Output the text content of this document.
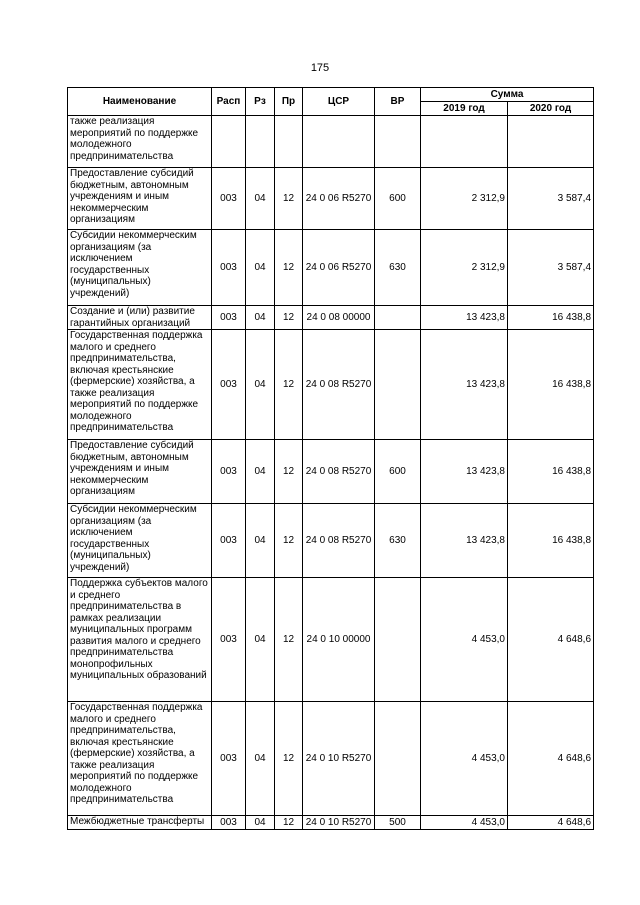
175
Наименование	Расп	Рз	Пр	ЦСР	ВР	Сумма	
						2019 год	2020 год
также реализация мероприятий по поддержке молодежного предпринимательства							
Предоставление субсидий бюджетным, автономным учреждениям и иным некоммерческим организациям	003	04	12	24 0 06 R5270	600	2 312,9	3 587,4
Субсидии некоммерческим организациям (за исключением государственных (муниципальных) учреждений)	003	04	12	24 0 06 R5270	630	2 312,9	3 587,4
Создание и (или) развитие гарантийных организаций	003	04	12	24 0 08 00000		13 423,8	16 438,8
Государственная поддержка малого и среднего предпринимательства, включая крестьянские (фермерские) хозяйства, а также реализация мероприятий по поддержке молодежного предпринимательства	003	04	12	24 0 08 R5270		13 423,8	16 438,8
Предоставление субсидий бюджетным, автономным учреждениям и иным некоммерческим организациям	003	04	12	24 0 08 R5270	600	13 423,8	16 438,8
Субсидии некоммерческим организациям (за исключением государственных (муниципальных) учреждений)	003	04	12	24 0 08 R5270	630	13 423,8	16 438,8
Поддержка субъектов малого и среднего предпринимательства в рамках реализации муниципальных программ развития малого и среднего предпринимательства монопрофильных муниципальных образований	003	04	12	24 0 10 00000		4 453,0	4 648,6
Государственная поддержка малого и среднего предпринимательства, включая крестьянские (фермерские) хозяйства, а также реализация мероприятий по поддержке молодежного предпринимательства	003	04	12	24 0 10 R5270		4 453,0	4 648,6
Межбюджетные трансферты	003	04	12	24 0 10 R5270	500	4 453,0	4 648,6
